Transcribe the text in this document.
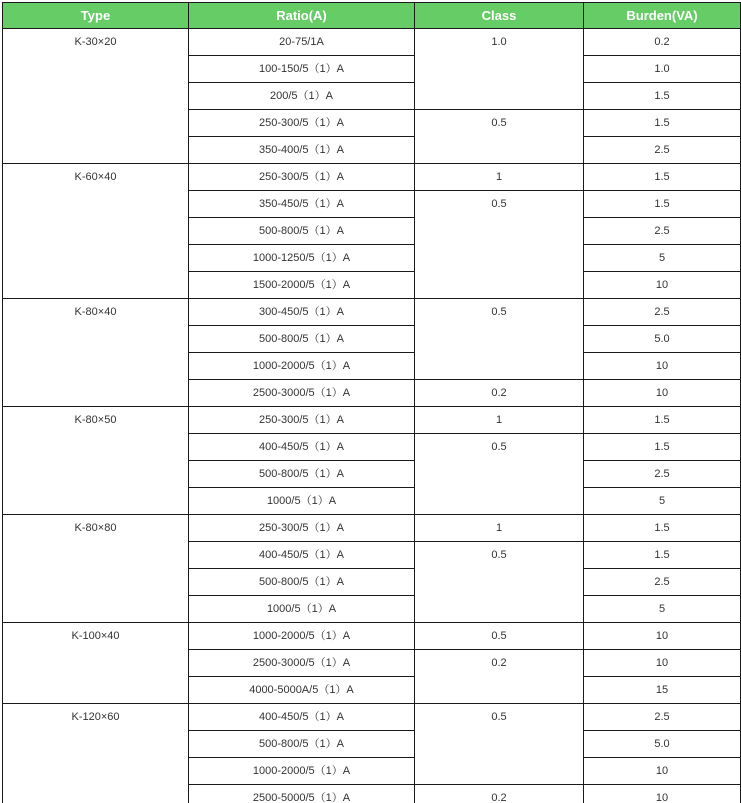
Type	Ratio(A)	Class	Burden(VA)
K-30×20	20-75/1A	1.0	0.2
	100-150/5（1）A		1.0
	200/5（1）A		1.5
	250-300/5（1）A	0.5	1.5
	350-400/5（1）A		2.5
K-60×40	250-300/5（1）A	1	1.5
	350-450/5（1）A	0.5	1.5
	500-800/5（1）A		2.5
	1000-1250/5（1）A		5
	1500-2000/5（1）A		10
K-80×40	300-450/5（1）A	0.5	2.5
	500-800/5（1）A		5.0
	1000-2000/5（1）A		10
	2500-3000/5（1）A	0.2	10
K-80×50	250-300/5（1）A	1	1.5
	400-450/5（1）A	0.5	1.5
	500-800/5（1）A		2.5
	1000/5（1）A		5
K-80×80	250-300/5（1）A	1	1.5
	400-450/5（1）A	0.5	1.5
	500-800/5（1）A		2.5
	1000/5（1）A		5
K-100×40	1000-2000/5（1）A	0.5	10
	2500-3000/5（1）A	0.2	10
	4000-5000A/5（1）A		15
K-120×60	400-450/5（1）A	0.5	2.5
	500-800/5（1）A		5.0
	1000-2000/5（1）A		10
	2500-5000/5（1）A	0.2	10
